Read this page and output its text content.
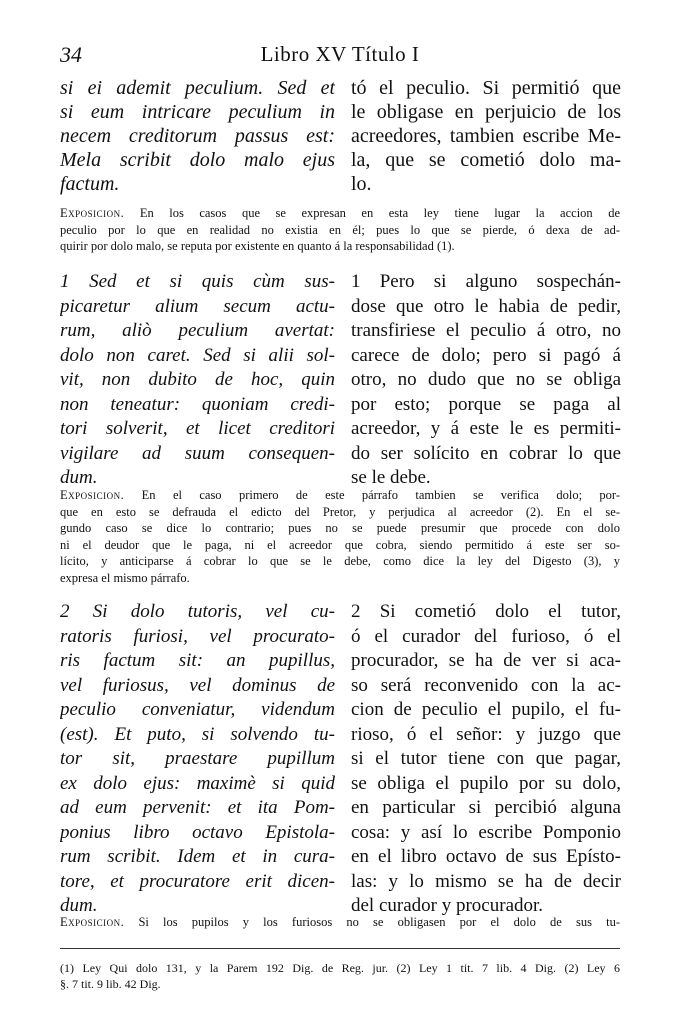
Libro XV Título I
34
si ei ademit peculium. Sed et
si eum intricare peculium in
necem creditorum passus est:
Mela scribit dolo malo ejus
factum.
tó el peculio. Si permitió que
le obligase en perjuicio de los
acreedores, tambien escribe Me-
la, que se cometió dolo ma-
lo.
Exposicion. En los casos que se expresan en esta ley tiene lugar la accion de
peculio por lo que en realidad no existia en él; pues lo que se pierde, ó dexa de ad-
quirir por dolo malo, se reputa por existente en quanto á la responsabilidad (1).
1 Sed et si quis cùm sus-
picaretur alium secum actu-
rum, aliò peculium avertat:
dolo non caret. Sed si alii sol-
vit, non dubito de hoc, quin
non teneatur: quoniam credi-
tori solverit, et licet creditori
vigilare ad suum consequen-
dum.
1 Pero si alguno sospechán-
dose que otro le habia de pedir,
transfiriese el peculio á otro, no
carece de dolo; pero si pagó á
otro, no dudo que no se obliga
por esto; porque se paga al
acreedor, y á este le es permiti-
do ser solícito en cobrar lo que
se le debe.
Exposicion. En el caso primero de este párrafo tambien se verifica dolo; por-
que en esto se defrauda el edicto del Pretor, y perjudica al acreedor (2). En el se-
gundo caso se dice lo contrario; pues no se puede presumir que procede con dolo
ni el deudor que le paga, ni el acreedor que cobra, siendo permitido á este ser so-
lícito, y anticiparse á cobrar lo que se le debe, como dice la ley del Digesto (3), y
expresa el mismo párrafo.
2 Si dolo tutoris, vel cu-
ratoris furiosi, vel procurato-
ris factum sit: an pupillus,
vel furiosus, vel dominus de
peculio conveniatur, videndum
(est). Et puto, si solvendo tu-
tor sit, praestare pupillum
ex dolo ejus: maximè si quid
ad eum pervenit: et ita Pom-
ponius libro octavo Epistola-
rum scribit. Idem et in cura-
tore, et procuratore erit dicen-
dum.
2 Si cometió dolo el tutor,
ó el curador del furioso, ó el
procurador, se ha de ver si aca-
so será reconvenido con la ac-
cion de peculio el pupilo, el fu-
rioso, ó el señor: y juzgo que
si el tutor tiene con que pagar,
se obliga el pupilo por su dolo,
en particular si percibió alguna
cosa: y así lo escribe Pomponio
en el libro octavo de sus Epísto-
las: y lo mismo se ha de decir
del curador y procurador.
Exposicion. Si los pupilos y los furiosos no se obligasen por el dolo de sus tu-
(1) Ley Qui dolo 131, y la Parem 192 Dig. de Reg. jur. (2) Ley 1 tit. 7 lib. 4 Dig. (2) Ley 6
§. 7 tit. 9 lib. 42 Dig.
